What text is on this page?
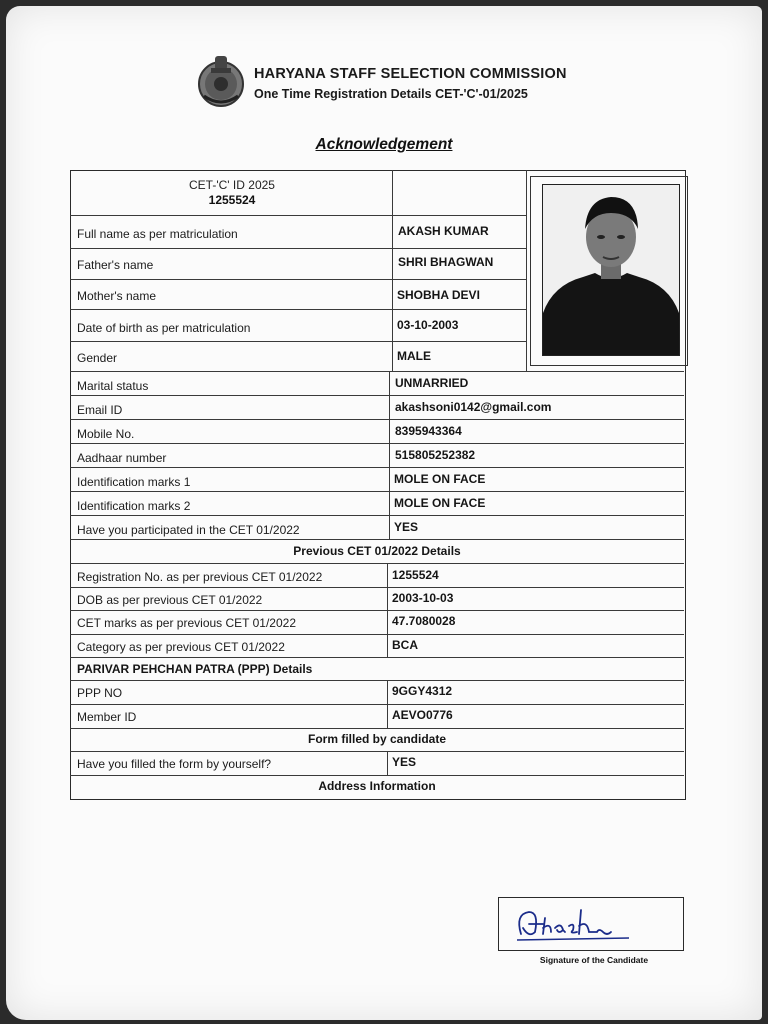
HARYANA STAFF SELECTION COMMISSION
One Time Registration Details CET-'C'-01/2025
Acknowledgement
CET-'C' ID 2025
1255524
Full name as per matriculation	AKASH KUMAR
Father's name	SHRI BHAGWAN
Mother's name	SHOBHA DEVI
Date of birth as per matriculation	03-10-2003
Gender	MALE
Marital status	UNMARRIED
Email ID	akashsoni0142@gmail.com
Mobile No.	8395943364
Aadhaar number	515805252382
Identification marks 1	MOLE ON FACE
Identification marks 2	MOLE ON FACE
Have you participated in the CET 01/2022	YES
Previous CET 01/2022 Details
Registration No. as per previous CET 01/2022	1255524
DOB as per previous CET 01/2022	2003-10-03
CET marks as per previous CET 01/2022	47.7080028
Category as per previous CET 01/2022	BCA
PARIVAR PEHCHAN PATRA (PPP) Details
PPP NO	9GGY4312
Member ID	AEVO0776
Form filled by candidate
Have you filled the form by yourself?	YES
Address Information
Signature of the Candidate
